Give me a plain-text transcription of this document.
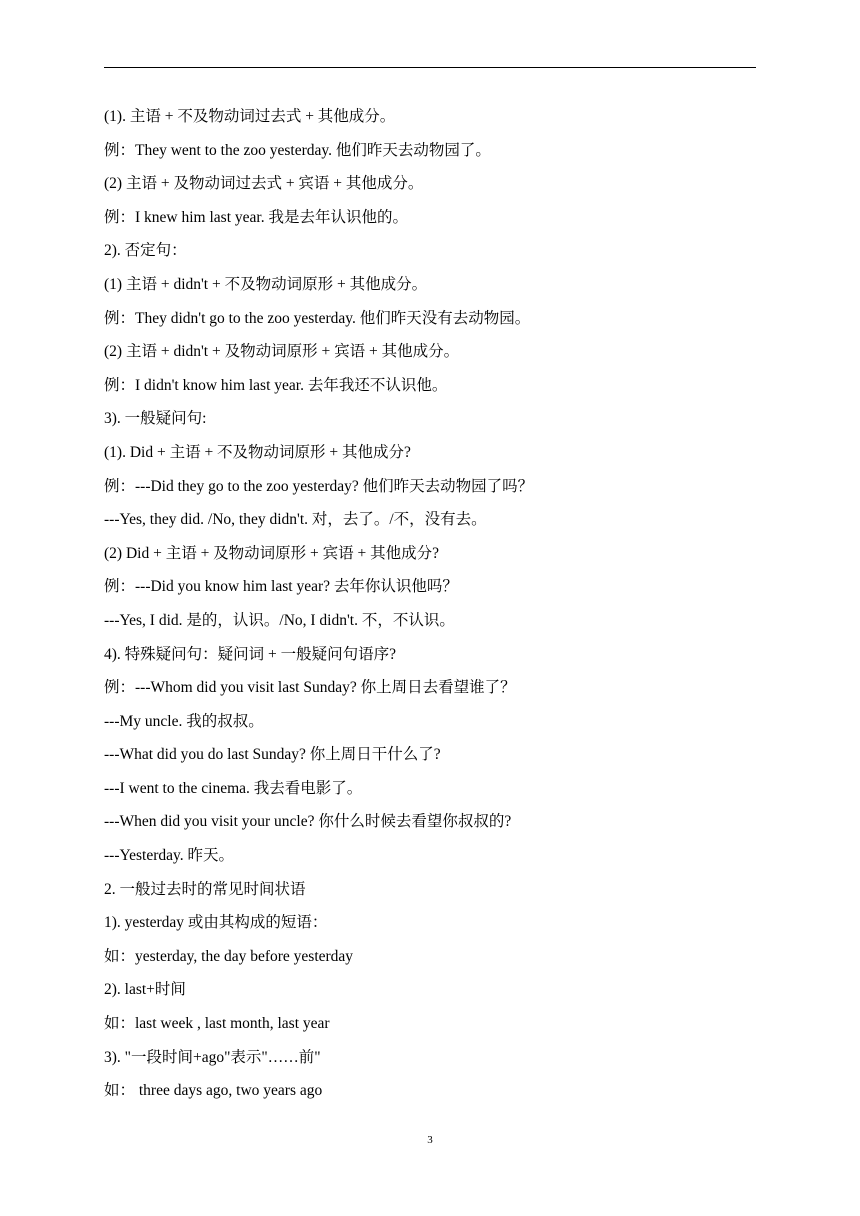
(1). 主语 + 不及物动词过去式 + 其他成分。
例：They went to the zoo yesterday. 他们昨天去动物园了。
(2) 主语 + 及物动词过去式 + 宾语 + 其他成分。
例：I knew him last year. 我是去年认识他的。
2). 否定句：
(1) 主语 + didn't + 不及物动词原形 + 其他成分。
例：They didn't go to the zoo yesterday. 他们昨天没有去动物园。
(2) 主语 + didn't + 及物动词原形 + 宾语 + 其他成分。
例：I didn't know him last year. 去年我还不认识他。
3). 一般疑问句:
(1). Did + 主语 + 不及物动词原形 + 其他成分?
例：---Did they go to the zoo yesterday? 他们昨天去动物园了吗？
---Yes, they did. /No, they didn't. 对，去了。/不，没有去。
(2) Did + 主语 + 及物动词原形 + 宾语 + 其他成分?
例：---Did you know him last year? 去年你认识他吗？
---Yes, I did. 是的，认识。/No, I didn't. 不，不认识。
4). 特殊疑问句：疑问词 + 一般疑问句语序?
例：---Whom did you visit last Sunday? 你上周日去看望谁了？
---My uncle. 我的叔叔。
---What did you do last Sunday? 你上周日干什么了?
---I went to the cinema. 我去看电影了。
---When did you visit your uncle? 你什么时候去看望你叔叔的?
---Yesterday. 昨天。
2. 一般过去时的常见时间状语
1). yesterday 或由其构成的短语：
如：yesterday, the day before yesterday
2). last+时间
如：last week , last month, last year
3). "一段时间+ago"表示"……前"
如： three days ago, two years ago
3
